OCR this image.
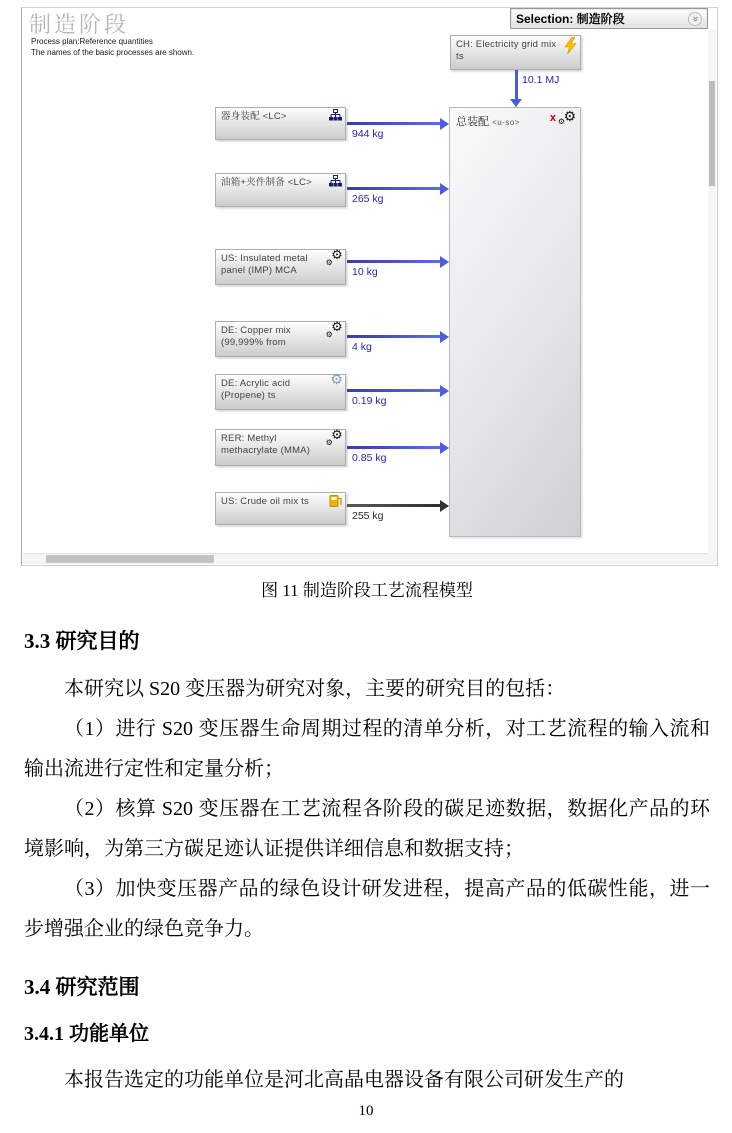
制造阶段
Process plan:Reference quantities
The names of the basic processes are shown.
Selection: 制造阶段	«
CH: Electricity grid mix ts
10.1 MJ
总装配 <u-so>	x ⚙
⚙
器身装配 <LC>
944 kg
油箱+夹件制备 <LC>
265 kg
US: Insulated metal panel (IMP) MCA
⚙
⚙
10 kg
DE: Copper mix (99,999% from
⚙
⚙
4 kg
DE: Acrylic acid (Propene) ts
⚙
0.19 kg
RER: Methyl methacrylate (MMA)
⚙
⚙
0.85 kg
US: Crude oil mix ts
255 kg
图 11 制造阶段工艺流程模型
3.3 研究目的

本研究以 S20 变压器为研究对象，主要的研究目的包括：

（1）进行 S20 变压器生命周期过程的清单分析，对工艺流程的输入流和输出流进行定性和定量分析；

（2）核算 S20 变压器在工艺流程各阶段的碳足迹数据，数据化产品的环境影响，为第三方碳足迹认证提供详细信息和数据支持；

（3）加快变压器产品的绿色设计研发进程，提高产品的低碳性能，进一步增强企业的绿色竞争力。

3.4 研究范围
3.4.1 功能单位

本报告选定的功能单位是河北高晶电器设备有限公司研发生产的

10
